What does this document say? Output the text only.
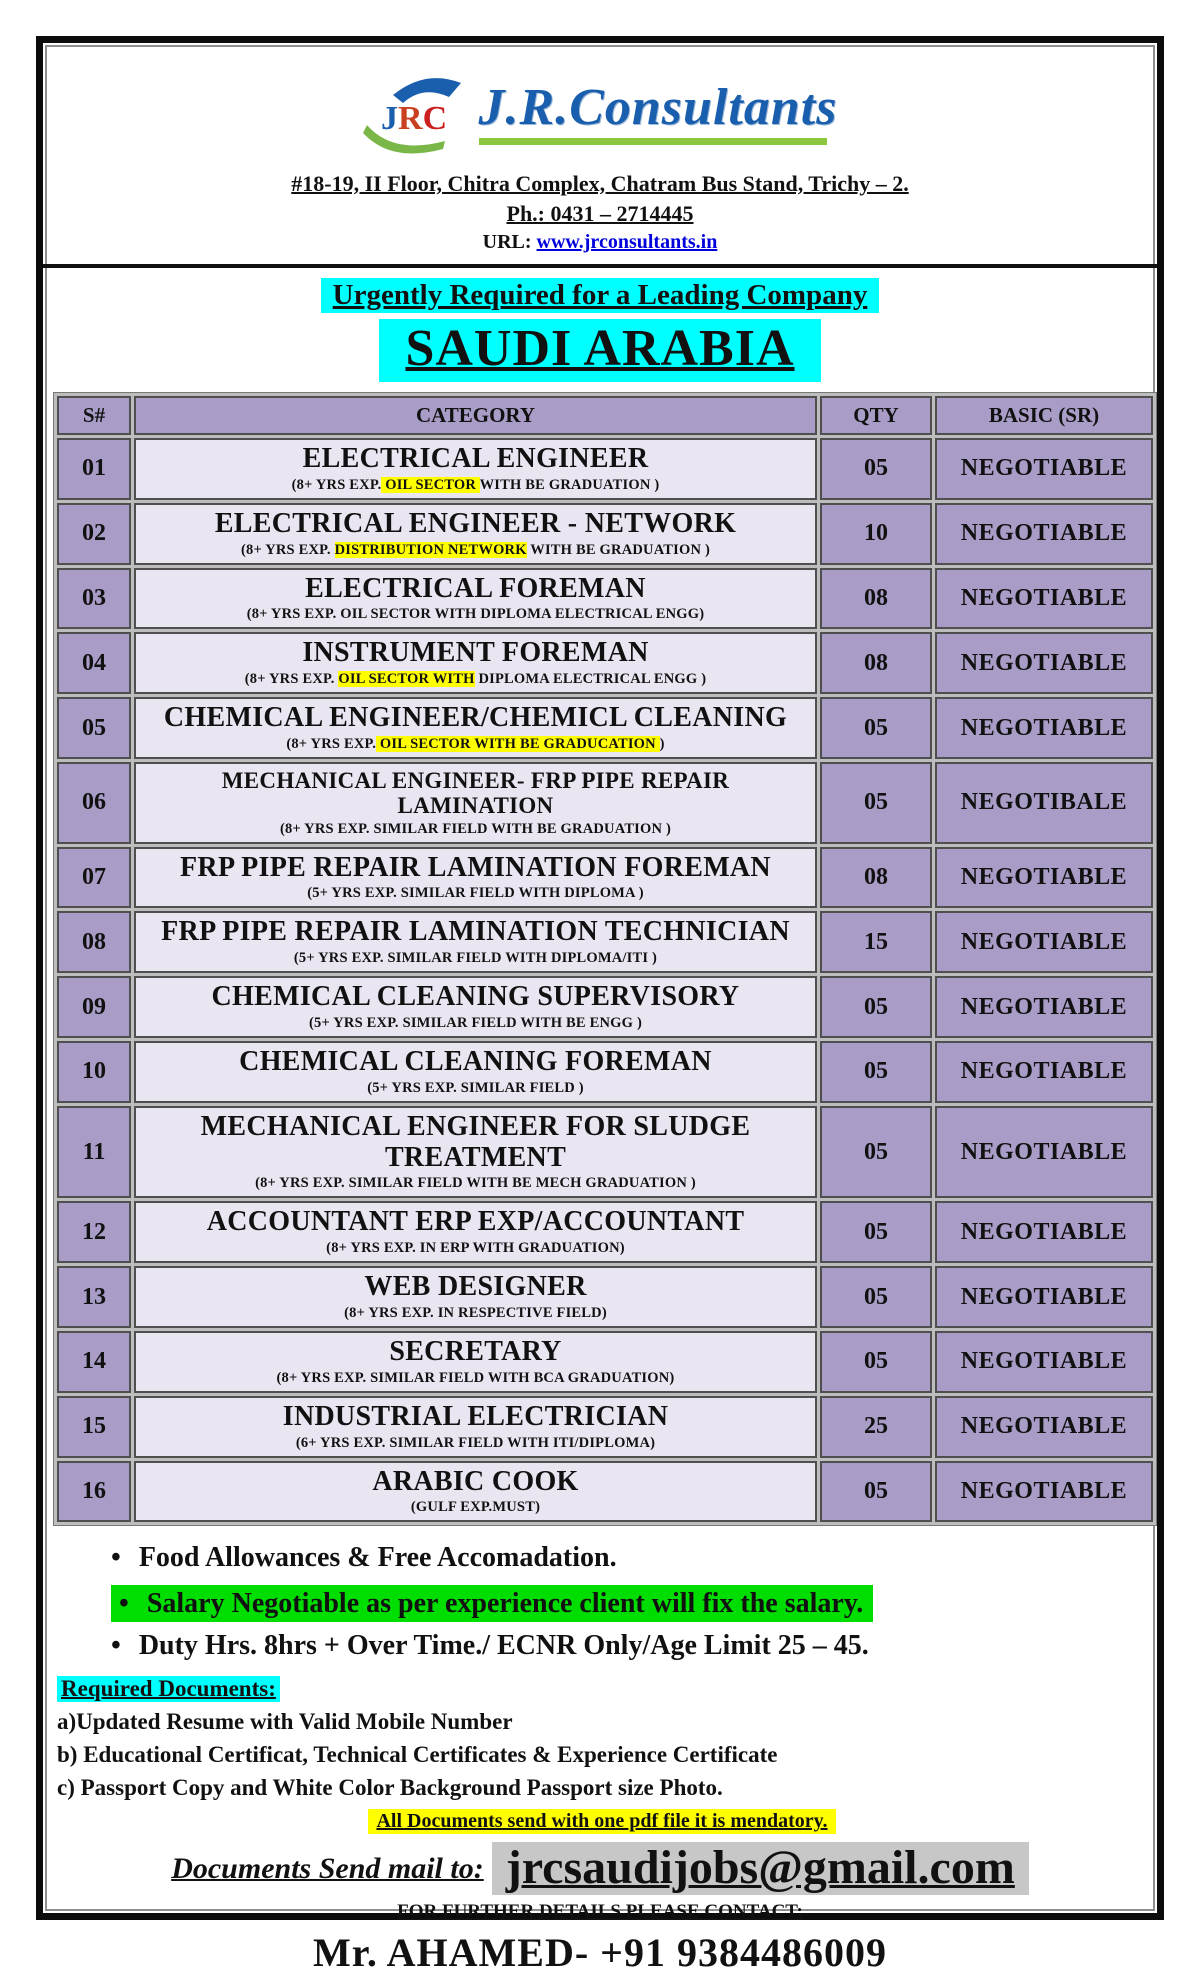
JRC J.R.Consultants
#18-19, II Floor, Chitra Complex, Chatram Bus Stand, Trichy – 2.
Ph.: 0431 – 2714445
URL: www.jrconsultants.in
Urgently Required for a Leading Company
SAUDI ARABIA
S#	CATEGORY	QTY	BASIC (SR)
01	ELECTRICAL ENGINEER
(8+ YRS EXP. OIL SECTOR WITH BE GRADUATION )	05	NEGOTIABLE
02	ELECTRICAL ENGINEER - NETWORK
(8+ YRS EXP. DISTRIBUTION NETWORK WITH BE GRADUATION )	10	NEGOTIABLE
03	ELECTRICAL FOREMAN
(8+ YRS EXP. OIL SECTOR WITH DIPLOMA ELECTRICAL ENGG)	08	NEGOTIABLE
04	INSTRUMENT FOREMAN
(8+ YRS EXP. OIL SECTOR WITH DIPLOMA ELECTRICAL ENGG )	08	NEGOTIABLE
05	CHEMICAL ENGINEER/CHEMICL CLEANING
(8+ YRS EXP. OIL SECTOR WITH BE GRADUCATION )	05	NEGOTIABLE
06	MECHANICAL ENGINEER- FRP PIPE REPAIR LAMINATION
(8+ YRS EXP. SIMILAR FIELD WITH BE GRADUATION )	05	NEGOTIBALE
07	FRP PIPE REPAIR LAMINATION FOREMAN
(5+ YRS EXP. SIMILAR FIELD WITH DIPLOMA )	08	NEGOTIABLE
08	FRP PIPE REPAIR LAMINATION TECHNICIAN
(5+ YRS EXP. SIMILAR FIELD WITH DIPLOMA/ITI )	15	NEGOTIABLE
09	CHEMICAL CLEANING SUPERVISORY
(5+ YRS EXP. SIMILAR FIELD WITH BE ENGG )	05	NEGOTIABLE
10	CHEMICAL CLEANING FOREMAN
(5+ YRS EXP. SIMILAR FIELD )	05	NEGOTIABLE
11	MECHANICAL ENGINEER FOR SLUDGE TREATMENT
(8+ YRS EXP. SIMILAR FIELD WITH BE MECH GRADUATION )	05	NEGOTIABLE
12	ACCOUNTANT ERP EXP/ACCOUNTANT
(8+ YRS EXP. IN ERP WITH GRADUATION)	05	NEGOTIABLE
13	WEB DESIGNER
(8+ YRS EXP. IN RESPECTIVE FIELD)	05	NEGOTIABLE
14	SECRETARY
(8+ YRS EXP. SIMILAR FIELD WITH BCA GRADUATION)	05	NEGOTIABLE
15	INDUSTRIAL ELECTRICIAN
(6+ YRS EXP. SIMILAR FIELD WITH ITI/DIPLOMA)	25	NEGOTIABLE
16	ARABIC COOK
(GULF EXP.MUST)	05	NEGOTIABLE
• Food Allowances & Free Accomadation.
• Salary Negotiable as per experience client will fix the salary.
• Duty Hrs. 8hrs + Over Time./ ECNR Only/Age Limit 25 – 45.
Required Documents:
a)Updated Resume with Valid Mobile Number
b) Educational Certificat, Technical Certificates & Experience Certificate
c) Passport Copy and White Color Background Passport size Photo.
All Documents send with one pdf file it is mendatory.
Documents Send mail to: jrcsaudijobs@gmail.com
FOR FURTHER DETAILS PLEASE CONTACT:
Mr. AHAMED- +91 9384486009
